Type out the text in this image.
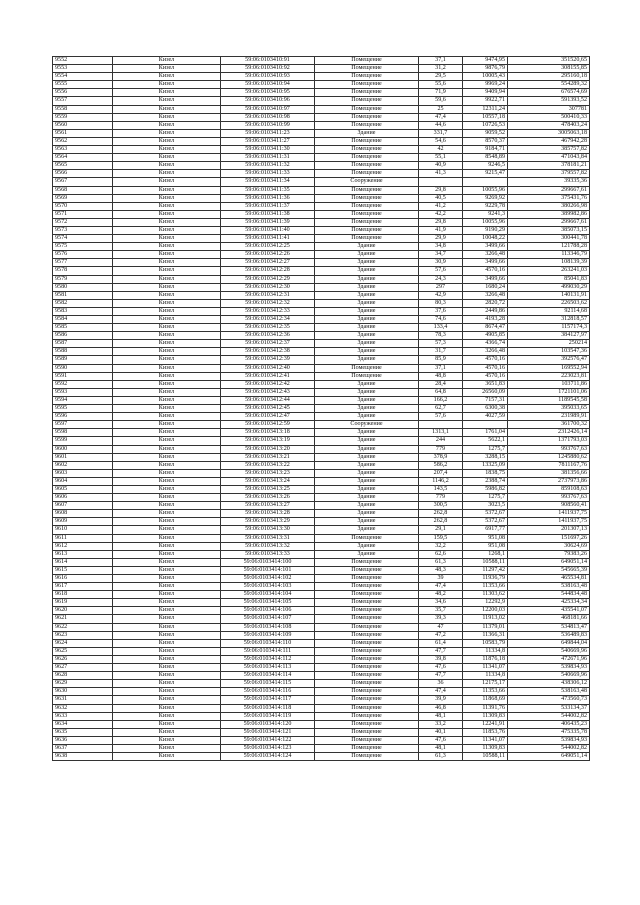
9552	Кизел	59:06:0103410:91	Помещение	37,1	9474,95	351520,65
9553	Кизел	59:06:0103410:92	Помещение	31,2	9876,79	308155,85
9554	Кизел	59:06:0103410:93	Помещение	29,5	10005,43	295160,18
9555	Кизел	59:06:0103410:94	Помещение	55,6	9969,24	554289,32
9556	Кизел	59:06:0103410:95	Помещение	71,9	9409,94	676574,69
9557	Кизел	59:06:0103410:96	Помещение	59,6	9922,71	591393,52
9558	Кизел	59:06:0103410:97	Помещение	25	12311,24	307781
9559	Кизел	59:06:0103410:98	Помещение	47,4	10557,18	500410,33
9560	Кизел	59:06:0103410:99	Помещение	44,6	10726,53	478403,24
9561	Кизел	59:06:0103411:23	Здание	331,7	9059,52	3005063,18
9562	Кизел	59:06:0103411:27	Помещение	54,6	8570,37	467942,28
9563	Кизел	59:06:0103411:30	Помещение	42	9184,71	385757,82
9564	Кизел	59:06:0103411:31	Помещение	55,1	8548,89	471043,84
9565	Кизел	59:06:0103411:32	Помещение	40,9	9246,5	378181,21
9566	Кизел	59:06:0103411:33	Помещение	41,3	9215,47	379557,82
9567	Кизел	59:06:0103411:34	Сооружение			39335,36
9568	Кизел	59:06:0103411:35	Помещение	29,8	10055,96	299667,61
9569	Кизел	59:06:0103411:36	Помещение	40,5	9269,92	375431,76
9570	Кизел	59:06:0103411:37	Помещение	41,2	9229,78	380266,98
9571	Кизел	59:06:0103411:38	Помещение	42,2	9241,3	389982,86
9572	Кизел	59:06:0103411:39	Помещение	29,8	10055,96	299667,61
9573	Кизел	59:06:0103411:40	Помещение	41,9	9190,29	385073,15
9574	Кизел	59:06:0103411:41	Помещение	29,9	10048,22	300441,78
9575	Кизел	59:06:0103412:25	Здание	34,8	3499,66	121788,28
9576	Кизел	59:06:0103412:26	Здание	34,7	3266,48	113346,79
9577	Кизел	59:06:0103412:27	Здание	30,9	3499,66	108139,39
9578	Кизел	59:06:0103412:28	Здание	57,6	4570,16	263241,03
9579	Кизел	59:06:0103412:29	Здание	24,3	3499,66	85041,83
9580	Кизел	59:06:0103412:30	Здание	297	1680,24	499030,29
9581	Кизел	59:06:0103412:31	Здание	42,9	3266,48	140131,91
9582	Кизел	59:06:0103412:32	Здание	80,3	2820,72	226503,62
9583	Кизел	59:06:0103412:33	Здание	37,6	2449,86	92114,68
9584	Кизел	59:06:0103412:34	Здание	74,6	4193,28	312818,57
9585	Кизел	59:06:0103412:35	Здание	133,4	8674,47	1157174,3
9586	Кизел	59:06:0103412:36	Здание	78,3	4905,85	384127,97
9587	Кизел	59:06:0103412:37	Здание	57,3	4366,74	250214
9588	Кизел	59:06:0103412:38	Здание	31,7	3266,48	103547,36
9589	Кизел	59:06:0103412:39	Здание	85,9	4570,16	392576,47
9590	Кизел	59:06:0103412:40	Помещение	37,1	4570,16	169552,94
9591	Кизел	59:06:0103412:41	Помещение	48,8	4570,16	223023,81
9592	Кизел	59:06:0103412:42	Здание	28,4	3651,83	103711,86
9593	Кизел	59:06:0103412:43	Здание	64,8	26560,09	1721101,06
9594	Кизел	59:06:0103412:44	Здание	166,2	7157,31	1189545,58
9595	Кизел	59:06:0103412:45	Здание	62,7	6300,38	395033,65
9596	Кизел	59:06:0103412:47	Здание	57,6	4027,59	231989,91
9597	Кизел	59:06:0103412:59	Сооружение			361700,32
9598	Кизел	59:06:0103413:18	Здание	1313,1	1761,04	2312426,14
9599	Кизел	59:06:0103413:19	Здание	244	5622,1	1371793,03
9600	Кизел	59:06:0103413:20	Здание	779	1275,7	993767,63
9601	Кизел	59:06:0103413:21	Здание	378,9	3288,15	1245880,62
9602	Кизел	59:06:0103413:22	Здание	586,2	13325,09	7811167,76
9603	Кизел	59:06:0103413:23	Здание	207,4	1838,75	381356,66
9604	Кизел	59:06:0103413:24	Здание	1146,2	2388,74	2737973,86
9605	Кизел	59:06:0103413:25	Здание	143,5	5986,82	859108,63
9606	Кизел	59:06:0103413:26	Здание	779	1275,7	993767,63
9607	Кизел	59:06:0103413:27	Здание	300,5	3023,5	908560,41
9608	Кизел	59:06:0103413:28	Здание	262,8	5372,67	1411937,75
9609	Кизел	59:06:0103413:29	Здание	262,8	5372,67	1411937,75
9610	Кизел	59:06:0103413:30	Здание	29,1	6917,77	201307,13
9611	Кизел	59:06:0103413:31	Помещение	159,5	951,08	151697,26
9612	Кизел	59:06:0103413:32	Здание	32,2	951,08	30624,69
9613	Кизел	59:06:0103413:33	Здание	62,6	1268,1	79383,26
9614	Кизел	59:06:0103414:100	Помещение	61,3	10588,11	649051,14
9615	Кизел	59:06:0103414:101	Помещение	48,3	11297,42	545665,39
9616	Кизел	59:06:0103414:102	Помещение	39	11936,79	465534,81
9617	Кизел	59:06:0103414:103	Помещение	47,4	11353,66	538163,48
9618	Кизел	59:06:0103414:104	Помещение	48,2	11303,62	544834,48
9619	Кизел	59:06:0103414:105	Помещение	34,6	12292,9	425334,34
9620	Кизел	59:06:0103414:106	Помещение	35,7	12200,03	435541,07
9621	Кизел	59:06:0103414:107	Помещение	39,3	11913,02	468181,66
9622	Кизел	59:06:0103414:108	Помещение	47	11379,01	534813,47
9623	Кизел	59:06:0103414:109	Помещение	47,2	11366,31	536489,83
9624	Кизел	59:06:0103414:110	Помещение	61,4	10583,79	649844,04
9625	Кизел	59:06:0103414:111	Помещение	47,7	11334,8	540669,96
9626	Кизел	59:06:0103414:112	Помещение	39,8	11876,18	472671,96
9627	Кизел	59:06:0103414:113	Помещение	47,6	11341,07	539834,93
9628	Кизел	59:06:0103414:114	Помещение	47,7	11334,8	540669,96
9629	Кизел	59:06:0103414:115	Помещение	36	12175,17	438306,12
9630	Кизел	59:06:0103414:116	Помещение	47,4	11353,66	538163,48
9631	Кизел	59:06:0103414:117	Помещение	39,9	11868,69	473560,73
9632	Кизел	59:06:0103414:118	Помещение	46,8	11391,76	533134,37
9633	Кизел	59:06:0103414:119	Помещение	48,1	11309,83	544002,82
9634	Кизел	59:06:0103414:120	Помещение	33,2	12241,91	406435,23
9635	Кизел	59:06:0103414:121	Помещение	40,1	11853,76	475335,78
9636	Кизел	59:06:0103414:122	Помещение	47,6	11341,07	539834,93
9637	Кизел	59:06:0103414:123	Помещение	48,1	11309,83	544002,82
9638	Кизел	59:06:0103414:124	Помещение	61,3	10588,11	649051,14
